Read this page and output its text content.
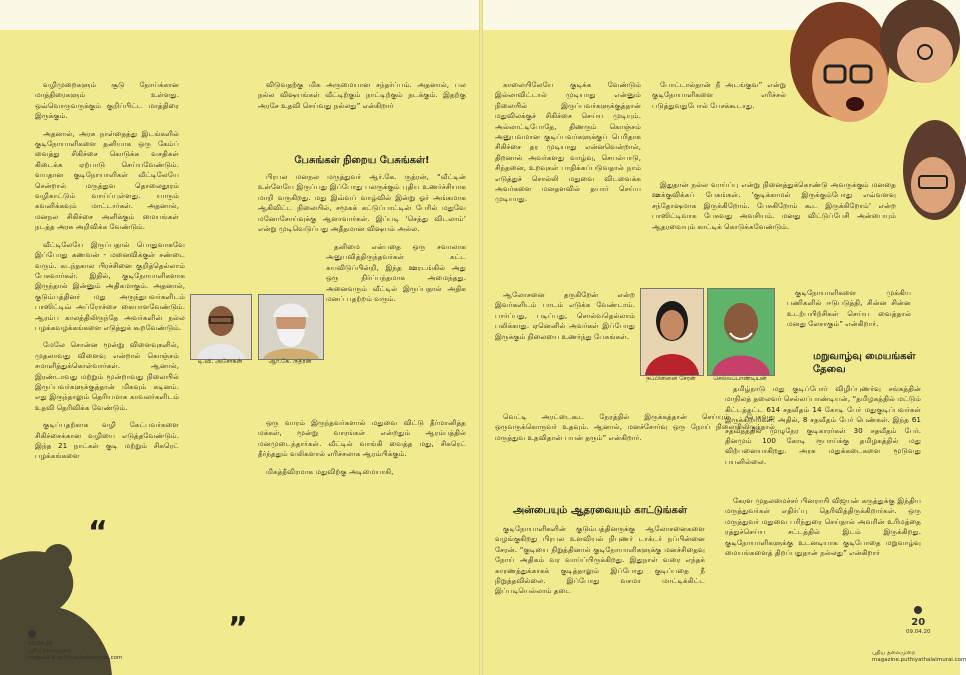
“
”

வழிமுறைகளும் சூடு நோய்க்கான மாத்திரைகளும் உள்ளது. ஒவ்வொருவருக்கும் குறிப்பிட்ட மாத்திரை இருக்கும்.

அதனால், அரசு நாள்தைத்து இடங்களில் குடிநோயாளிகளை தனியாக ஒரு கேம்ப் வைத்து சிகிச்சை கொடுக்க வசதிகள் கிடைக்க ஏற்பாடு செய்யவேண்டும். வயதான குடிநோயாளிகள் வீட்டிலேயே சென்றால் மருத்துவ தொலைதூரம் வழிகாட்டும் வாய்ப்புள்ளது. யாரும் கவனிக்கவும் மாட்டார்கள். அதனால், மனநல சிகிச்சை அளிக்கும் மையங்கள் நடத்த அரசு அறிவிக்க வேண்டும்.

வீட்டிலேயே இருப்பதால் பொதுவாகவே இப்போது கணவன் - மனைவிக்குள் சண்டை வரும். கடந்தகால பிரச்சினை குறித்தெல்லாம் பேசுவார்கள். இதில், குடிநோயாளிகளாக இருந்தால் இன்னும் அதிகமாகும். அதனால், குடும்பத்தினர் மது அருந்துபவர்களிடம் பாஸிட்டிவ் அப்ரோச்சை கையாளவேண்டும். ஆரம்ப காலத்திலிருந்தே அவர்களின் நல்ல பழக்கவழக்கங்களை எடுத்துக் கூறவேண்டும்.

மேலே சொன்ன மூன்று விளைவுகளில், முதலாவது விளைவு என்றால் கொஞ்சம் சமாளித்துக்கொள்வார்கள். ஆனால், இரண்டாவது மற்றும் மூன்றாவது நிலையில் இருப்பவர்களுக்குத்தான் மிகவும் கடினம். எது இருந்தாலும் தெரியமாக காவலர்களிடம் உதவி தெரிவிக்க வேண்டும்.

குடிப்பதற்காக வழி கேட்பவர்களை சிகிச்சைக்கான வழியை எடுத்தவேண்டும். இந்த 21 நாட்கள் குடி மற்றும் சிகரெட் பழக்கங்களை

விடுவதற்கு மிக அருமையான சந்தர்ப்பம். அதனால், பல நல்ல விஷயங்கள் வீட்டிற்கும் நாட்டிற்கும் நடக்கும். இதற்கு அரசே உதவி செய்வது நல்லது” என்கிறார்

பேசுங்கள் நிறைய பேசுங்கள்!

பிரபல மனநல மருத்துவர் ஆர்.கே. ருத்ரன், “வீட்டின் உள்ளேயே இருப்பது இப்போது பலருக்கும் புதிய உணர்ச்சியாக மாறி வருகிறது. மது இவ்வப் வாழ்வில் இன்று ஓர் அங்கமாக ஆகிவிட்ட நிலையில், சமூகக் கட்டுப்பாட்டின் பேரில் மதுவே மனோசோய்வுக்கு ஆளாவார்கள். இப்படி ‘செத்து விடலாம்’ என்று முடிவெடுப்பது அதீதமான விஷயம் அல்ல.

தனிமை என்பதை ஒரு சவாலாக அனுபவித்திருந்தவர்கள் கட்ட சுயவிடுப்பின்றி, இந்த ஊரடங்கில் அது ஒரு நிர்ப்பந்தமாக அமைந்தது. அனைவரும் வீட்டில் இருப்பதால் அதிக மனப் பதற்றம் வரும்.

ஒரு வாரம் இருந்தவர்களால் மதுவை விட்டு தீர்மானித்த மக்கள், மூன்று வாரங்கள் என்றதும் ஆரம்பத்தில் மனமுடைந்தார்கள். வீட்டில் வாங்கி வைத்த மது, சிகரெட் தீர்ந்ததும் வலிகளால் எரிச்சலாக ஆரம்பிக்கும்.

மிகத்தீவிரமாக மதுவிற்கு அடிமையாகி,

டி.வி. அசோகன்	ஆர்.கே. ருத்ரன்
09.04.20
புதிய தலைமுறை
magazine.puthiyathalaimurai.com

காலையிலேயே குடிக்க வேண்டும் இல்லாவிட்டால் முடியாது என்னும் நிலையில் இருப்பவர்களுக்குத்தான் மதுவிலக்குச் சிகிச்சை செய்ய முடியும். அல்லாட்டிபோதே, திணரும் கொஞ்சம் அனுபவமான குடிப்பவர்களுக்குப் பெரிதாக சிகிச்சை தர முடியாது என்னவென்றால், திறனால் அவர்களது வாழ்வு, செயல்பாடு, சிந்தனை, உறவுகள் பாதிக்கப்படுவதால் நாம் எடுத்துச் சொல்லி மதுவை விடவைக்க அவர்களை மனதளவில் தயார் செய்ய முடியாது.

ஆலோசனை தருகிறேன் என்ற இவர்களிடம் பாடம் எடுக்க வேண்டாம். பார்ப்பது, படிப்பது, சொல்வதெல்லாம் பலிக்காது. ஏனெனில் அவர்கள் இப்போது இருக்கும் நிலையை உணர்ந்து பேசுங்கள்.

வெட்டி அரட்டைகூட நேரத்தில் இருக்கத்தான் செய்யும். பேசுவது ஒருவருக்கொருவர் உதவும். ஆனால், மனச்சோர்வு ஒரு நோய் நிலையிலிருந்தால் மருத்துவ உதவிதான் பயன் தரும்” என்கிறார்.

அன்பையும் ஆதரவையும் காட்டுங்கள்

குடிநோயாளிகளின் குடும்பத்தினருக்கு ஆலோசனைகளை வழங்குகிறது பிரபல உளவியல் நிபுணர் டாக்டர் நப்பின்னை சேரன். “குடியை நிறுத்தினால் குடிநோயாளிகளுக்கு மனச்சிதைவு நோய் அதிகம் வர வாய்ப்பிருக்கிறது. இதுநாள் வரை எந்தக் காரணத்துக்காகக் குடித்தாலும் இப்போது குடிப்பதை நீ நிறுத்தவில்லை. இப்போது வசமா மாட்டிக்கிட்ட இப்படியெல்லாம் தடை

நப்பின்னை சேரன்	செல்லப்பாண்டியன்

போட்டால்தான் நீ அடங்குவ” என்று குடிநோயாளிகளை எரிச்சல் படுத்துவதுபோல் பேசக்கூடாது.

இதுதான் நல்ல வாய்ப்பு என்று நினைத்துக்கொண்டு அவருக்கும் மனதை ஊக்குவிக்கப் பேசுங்கள். ‘குடிக்காமல் இருக்கும்போது எவ்வளவு சந்தோஷமாக இருக்கிறோம். பேசுகிறோம் கூட இருக்கிறோம்’ என்ற பாஸிட்டிவாக பேசுவது அவசியம். மனது விட்டுப்பேசி அன்பையும் ஆதரவையும் காட்டிக் கொடுக்கவேண்டும்.

குடிநோயாளிகளை முக்கிய பணிகளில் ஈடுபடுத்தி, சின்ன சின்ன உடற்பயிற்சிகள் செய்ய வைத்தால் மனது லேசாகும்” என்கிறார்.

மறுவாழ்வு மையங்கள் தேவை

தமிழ்நாடு மது குடிப்போர் விழிப்புணர்வு சங்கத்தின் மாநிலத் தலைவர் செல்லப்பாண்டியன், “தமிழகத்தில் மட்டும் கிட்டத்தட்ட 614 சதவீதம் 14 கோடி பேர் மதுகுடிப்பவர்கள் இருக்கிறார்கள். அதில், 8 சதவீதம் பேர் பெண்கள். இந்த 61 சதவீதத்தில் முழுநேர குடிகாரர்கள் 30 சதவீதம் பேர். தினமும் 100 கோடி ரூபாய்க்கு தமிழகத்தில் மது விற்பனையாகிறது. அரசு மதுக்கடைகளை மூடுவது பயனில்லை.

கேரள முதலமைச்சர் பினராயி விஜயன் கருத்துக்கு இந்திய மருத்துவர்கள் எதிர்ப்பு தெரிவித்திருக்கிறார்கள். ஒரு மருத்துவர் மதுவை பரிந்துரை செய்தால் அவரின் உரிமத்தை ரத்துச்செய்ய சட்டத்தில் இடம் இருக்கிறது. குடிநோயாளிகளுக்கு உடனடியாக குடிபோதை மறுவாழ்வு மையங்களைத் திறப்பதுதான் நல்லது” என்கிறார்

20
09.04.20
புதிய தலைமுறை
magazine.puthiyathalaimurai.com
